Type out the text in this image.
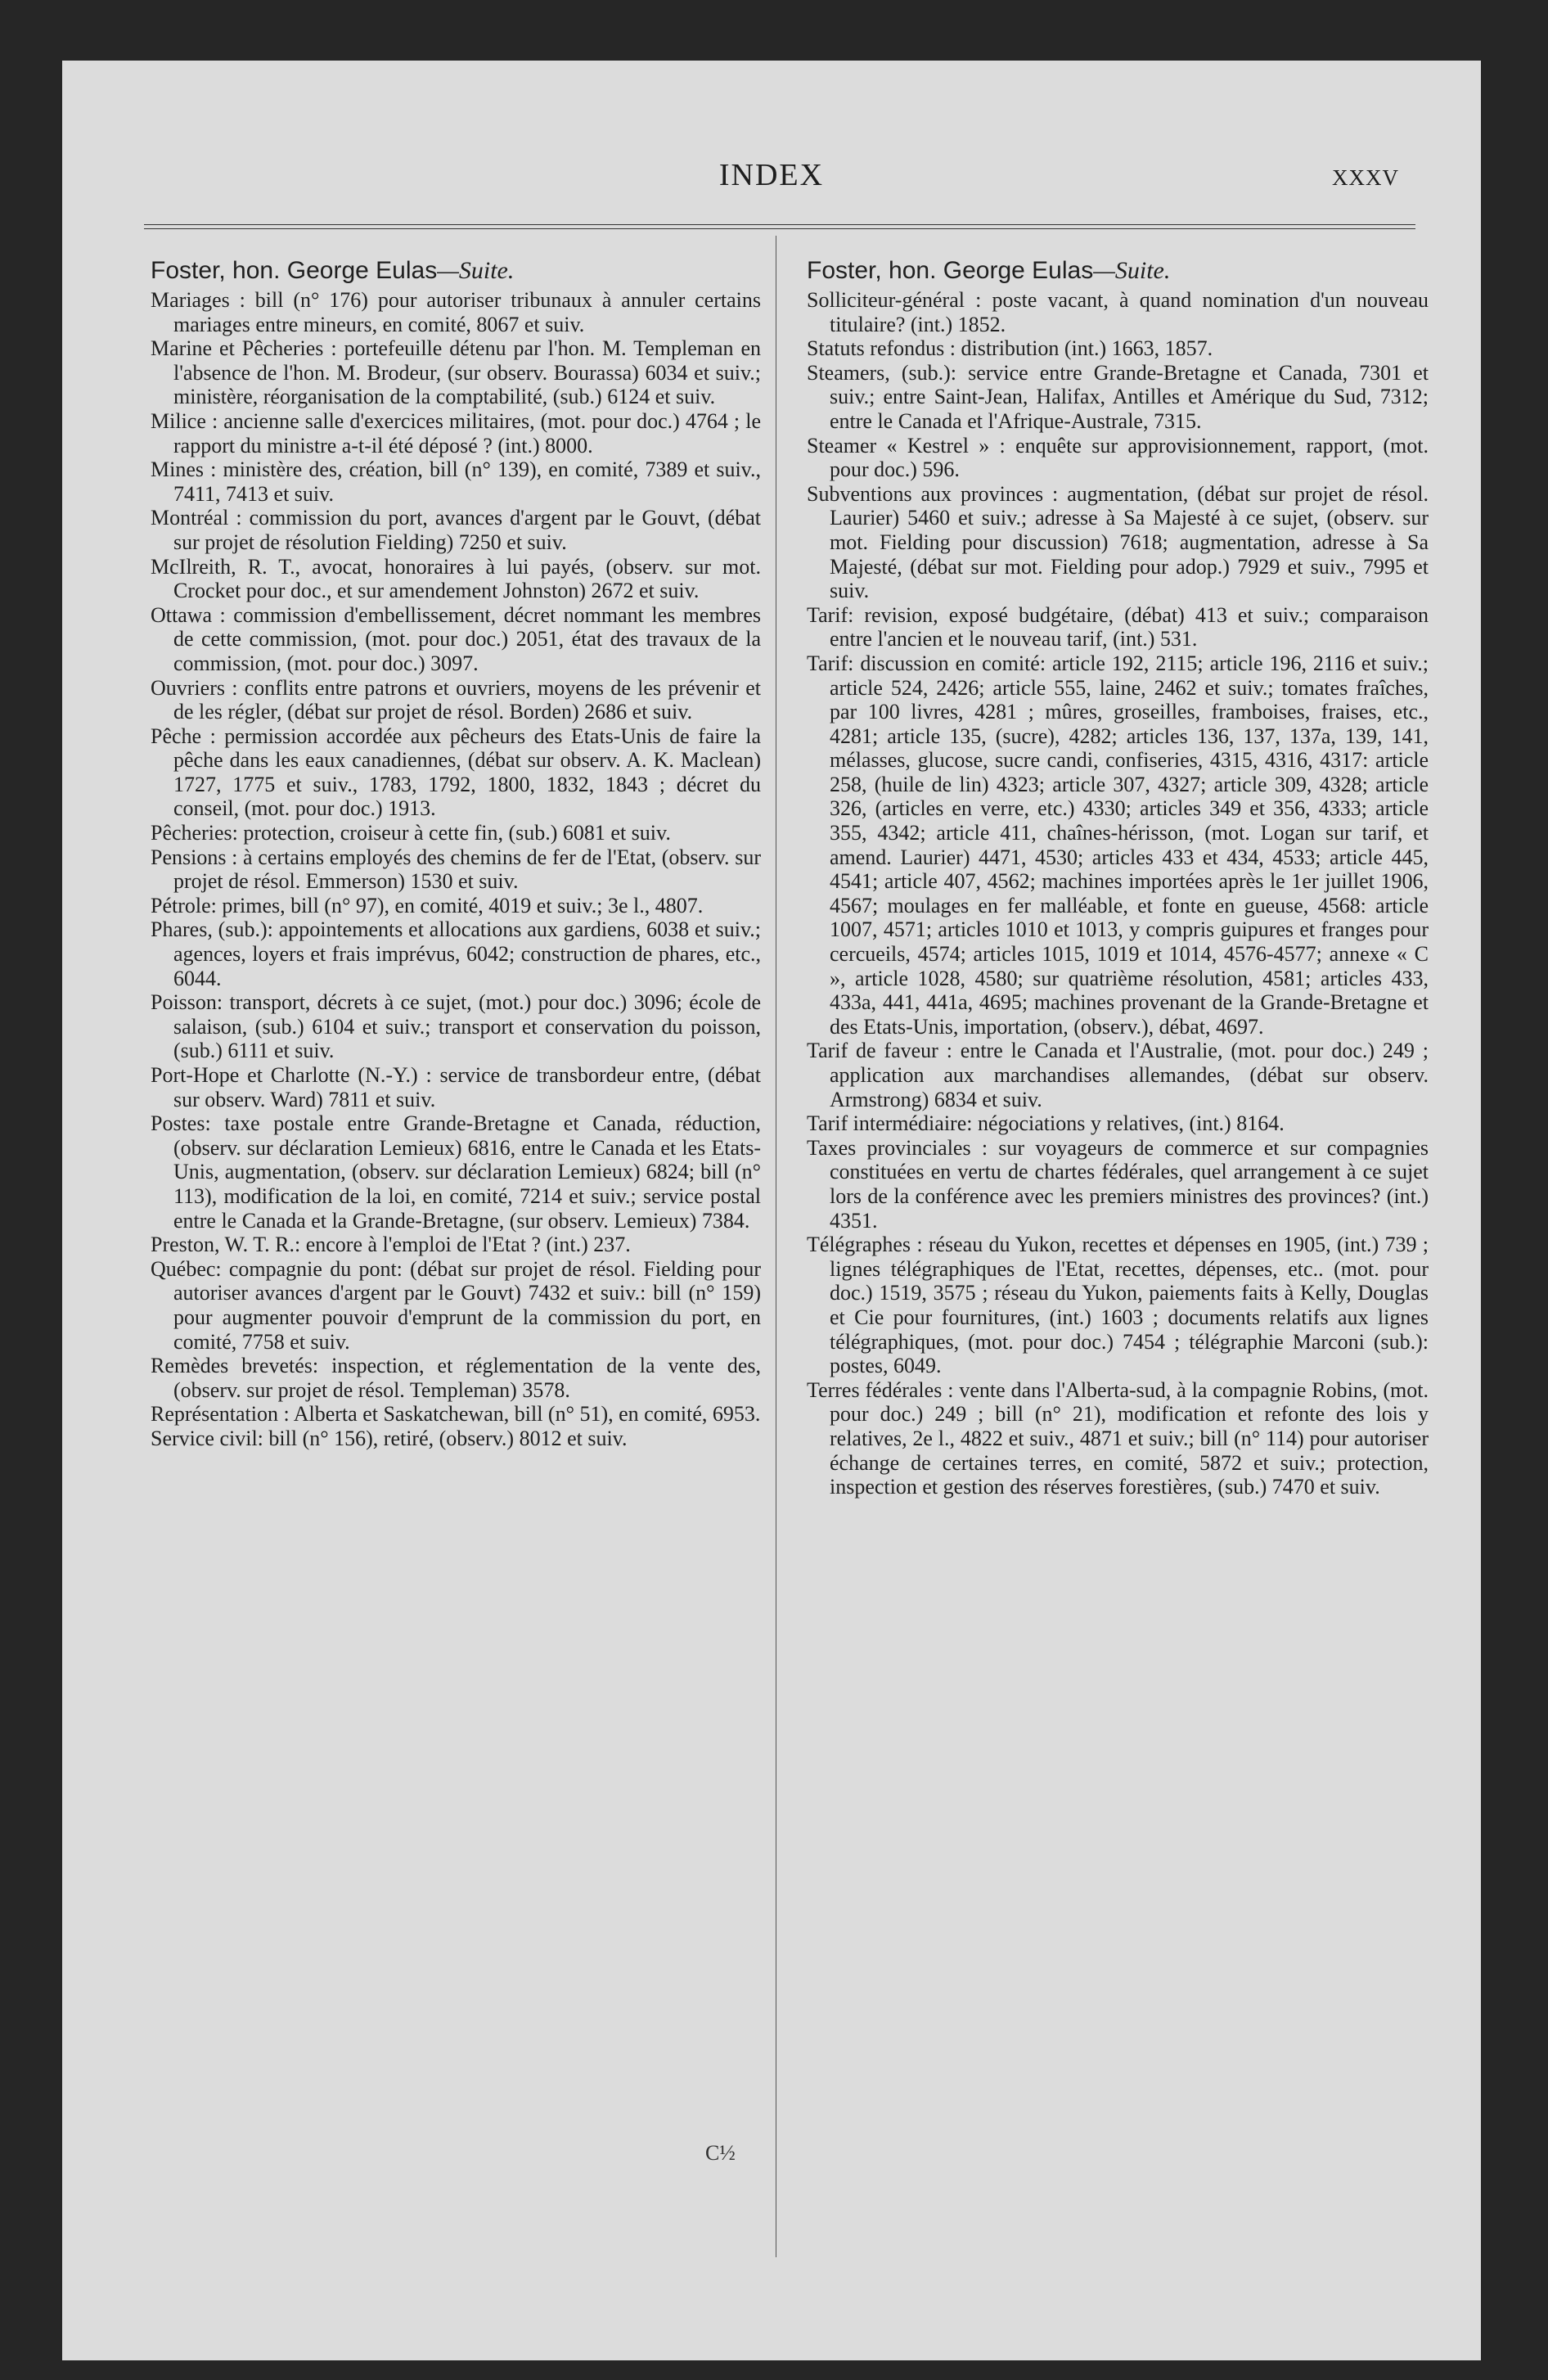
INDEX	XXXV
Foster, hon. George Eulas—Suite.

Mariages : bill (n° 176) pour autoriser tribunaux à annuler certains mariages entre mineurs, en comité, 8067 et suiv.

Marine et Pêcheries : portefeuille détenu par l'hon. M. Templeman en l'absence de l'hon. M. Brodeur, (sur observ. Bourassa) 6034 et suiv.; ministère, réorganisation de la comptabilité, (sub.) 6124 et suiv.

Milice : ancienne salle d'exercices militaires, (mot. pour doc.) 4764 ; le rapport du ministre a-t-il été déposé ? (int.) 8000.

Mines : ministère des, création, bill (n° 139), en comité, 7389 et suiv., 7411, 7413 et suiv.

Montréal : commission du port, avances d'argent par le Gouvt, (débat sur projet de résolution Fielding) 7250 et suiv.

McIlreith, R. T., avocat, honoraires à lui payés, (observ. sur mot. Crocket pour doc., et sur amendement Johnston) 2672 et suiv.

Ottawa : commission d'embellissement, décret nommant les membres de cette commission, (mot. pour doc.) 2051, état des travaux de la commission, (mot. pour doc.) 3097.

Ouvriers : conflits entre patrons et ouvriers, moyens de les prévenir et de les régler, (débat sur projet de résol. Borden) 2686 et suiv.

Pêche : permission accordée aux pêcheurs des Etats-Unis de faire la pêche dans les eaux canadiennes, (débat sur observ. A. K. Maclean) 1727, 1775 et suiv., 1783, 1792, 1800, 1832, 1843 ; décret du conseil, (mot. pour doc.) 1913.

Pêcheries: protection, croiseur à cette fin, (sub.) 6081 et suiv.

Pensions : à certains employés des chemins de fer de l'Etat, (observ. sur projet de résol. Emmerson) 1530 et suiv.

Pétrole: primes, bill (n° 97), en comité, 4019 et suiv.; 3e l., 4807.

Phares, (sub.): appointements et allocations aux gardiens, 6038 et suiv.; agences, loyers et frais imprévus, 6042; construction de phares, etc., 6044.

Poisson: transport, décrets à ce sujet, (mot.) pour doc.) 3096; école de salaison, (sub.) 6104 et suiv.; transport et conservation du poisson, (sub.) 6111 et suiv.

Port-Hope et Charlotte (N.-Y.) : service de transbordeur entre, (débat sur observ. Ward) 7811 et suiv.

Postes: taxe postale entre Grande-Bretagne et Canada, réduction, (observ. sur déclaration Lemieux) 6816, entre le Canada et les Etats-Unis, augmentation, (observ. sur déclaration Lemieux) 6824; bill (n° 113), modification de la loi, en comité, 7214 et suiv.; service postal entre le Canada et la Grande-Bretagne, (sur observ. Lemieux) 7384.

Preston, W. T. R.: encore à l'emploi de l'Etat ? (int.) 237.

Québec: compagnie du pont: (débat sur projet de résol. Fielding pour autoriser avances d'argent par le Gouvt) 7432 et suiv.: bill (n° 159) pour augmenter pouvoir d'emprunt de la commission du port, en comité, 7758 et suiv.

Remèdes brevetés: inspection, et réglementation de la vente des, (observ. sur projet de résol. Templeman) 3578.

Représentation : Alberta et Saskatchewan, bill (n° 51), en comité, 6953.

Service civil: bill (n° 156), retiré, (observ.) 8012 et suiv.

Foster, hon. George Eulas—Suite.

Solliciteur-général : poste vacant, à quand nomination d'un nouveau titulaire? (int.) 1852.

Statuts refondus : distribution (int.) 1663, 1857.

Steamers, (sub.): service entre Grande-Bretagne et Canada, 7301 et suiv.; entre Saint-Jean, Halifax, Antilles et Amérique du Sud, 7312; entre le Canada et l'Afrique-Australe, 7315.

Steamer « Kestrel » : enquête sur approvisionnement, rapport, (mot. pour doc.) 596.

Subventions aux provinces : augmentation, (débat sur projet de résol. Laurier) 5460 et suiv.; adresse à Sa Majesté à ce sujet, (observ. sur mot. Fielding pour discussion) 7618; augmentation, adresse à Sa Majesté, (débat sur mot. Fielding pour adop.) 7929 et suiv., 7995 et suiv.

Tarif: revision, exposé budgétaire, (débat) 413 et suiv.; comparaison entre l'ancien et le nouveau tarif, (int.) 531.

Tarif: discussion en comité: article 192, 2115; article 196, 2116 et suiv.; article 524, 2426; article 555, laine, 2462 et suiv.; tomates fraîches, par 100 livres, 4281 ; mûres, groseilles, framboises, fraises, etc., 4281; article 135, (sucre), 4282; articles 136, 137, 137a, 139, 141, mélasses, glucose, sucre candi, confiseries, 4315, 4316, 4317: article 258, (huile de lin) 4323; article 307, 4327; article 309, 4328; article 326, (articles en verre, etc.) 4330; articles 349 et 356, 4333; article 355, 4342; article 411, chaînes-hérisson, (mot. Logan sur tarif, et amend. Laurier) 4471, 4530; articles 433 et 434, 4533; article 445, 4541; article 407, 4562; machines importées après le 1er juillet 1906, 4567; moulages en fer malléable, et fonte en gueuse, 4568: article 1007, 4571; articles 1010 et 1013, y compris guipures et franges pour cercueils, 4574; articles 1015, 1019 et 1014, 4576-4577; annexe « C », article 1028, 4580; sur quatrième résolution, 4581; articles 433, 433a, 441, 441a, 4695; machines provenant de la Grande-Bretagne et des Etats-Unis, importation, (observ.), débat, 4697.

Tarif de faveur : entre le Canada et l'Australie, (mot. pour doc.) 249 ; application aux marchandises allemandes, (débat sur observ. Armstrong) 6834 et suiv.

Tarif intermédiaire: négociations y relatives, (int.) 8164.

Taxes provinciales : sur voyageurs de commerce et sur compagnies constituées en vertu de chartes fédérales, quel arrangement à ce sujet lors de la conférence avec les premiers ministres des provinces? (int.) 4351.

Télégraphes : réseau du Yukon, recettes et dépenses en 1905, (int.) 739 ; lignes télégraphiques de l'Etat, recettes, dépenses, etc.. (mot. pour doc.) 1519, 3575 ; réseau du Yukon, paiements faits à Kelly, Douglas et Cie pour fournitures, (int.) 1603 ; documents relatifs aux lignes télégraphiques, (mot. pour doc.) 7454 ; télégraphie Marconi (sub.): postes, 6049.

Terres fédérales : vente dans l'Alberta-sud, à la compagnie Robins, (mot. pour doc.) 249 ; bill (n° 21), modification et refonte des lois y relatives, 2e l., 4822 et suiv., 4871 et suiv.; bill (n° 114) pour autoriser échange de certaines terres, en comité, 5872 et suiv.; protection, inspection et gestion des réserves forestières, (sub.) 7470 et suiv.

C½
